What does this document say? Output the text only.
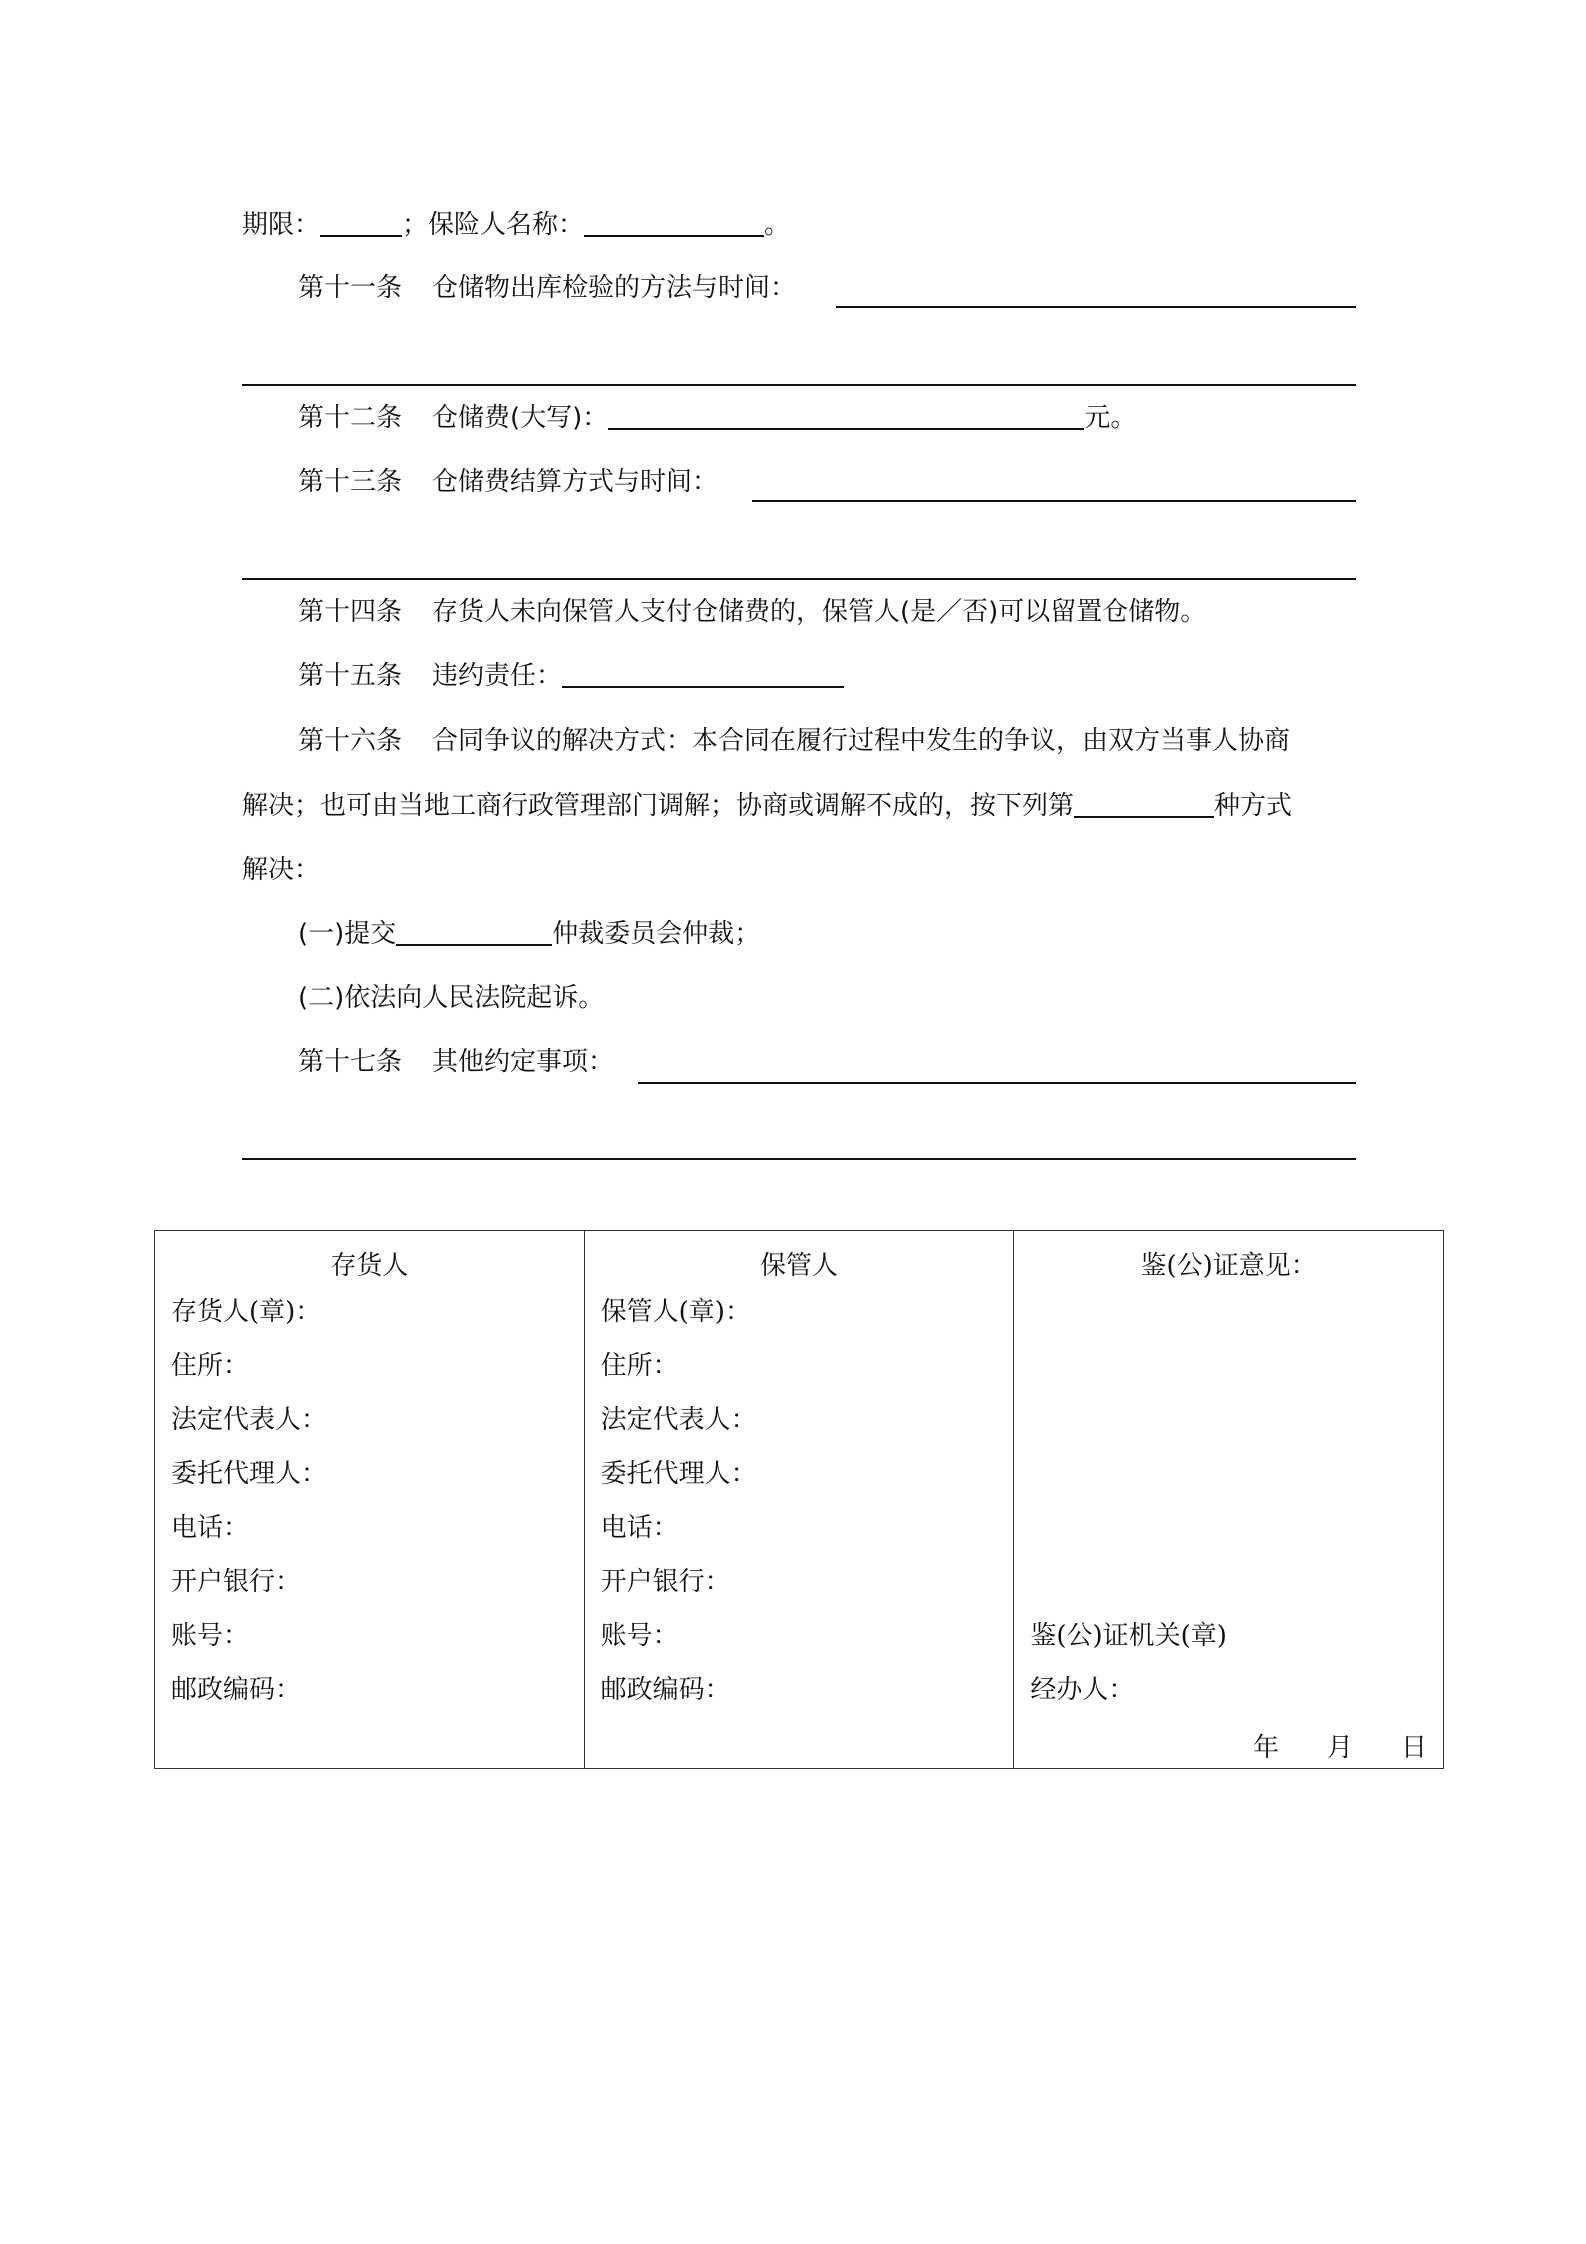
期限：	；保险人名称：	。
第十一条 仓储物出库检验的方法与时间：
第十二条 仓储费(大写)：	元。
第十三条 仓储费结算方式与时间：
第十四条 存货人未向保管人支付仓储费的，保管人(是／否)可以留置仓储物。
第十五条 违约责任：
第十六条 合同争议的解决方式：本合同在履行过程中发生的争议，由双方当事人协商
解决；也可由当地工商行政管理部门调解；协商或调解不成的，按下列第	种方式
解决：
(一)提交	仲裁委员会仲裁；
(二)依法向人民法院起诉。
第十七条 其他约定事项：
存货人
存货人(章)：
住所：
法定代表人：
委托代理人：
电话：
开户银行：
账号：
邮政编码：

保管人
保管人(章)：
住所：
法定代表人：
委托代理人：
电话：
开户银行：
账号：
邮政编码：

鉴(公)证意见：
鉴(公)证机关(章)
经办人：
年 月 日
